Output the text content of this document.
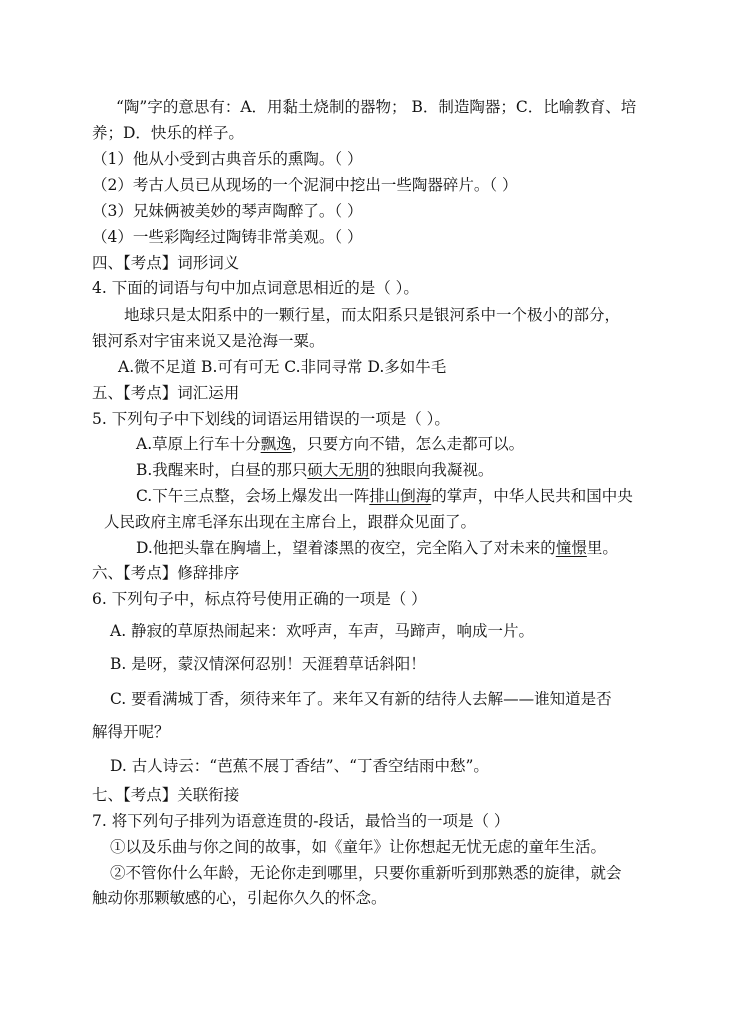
“陶”字的意思有：A．用黏土烧制的器物； B．制造陶器；C．比喻教育、培
养；D．快乐的样子。
（1）他从小受到古典音乐的熏陶。（ ）
（2）考古人员已从现场的一个泥洞中挖出一些陶器碎片。（ ）
（3）兄妹俩被美妙的琴声陶醉了。（ ）
（4）一些彩陶经过陶铸非常美观。（ ）
四、【考点】词形词义
4. 下面的词语与句中加点词意思相近的是（ ）。
地球只是太阳系中的一颗行星，而太阳系只是银河系中一个极小的部分，
银河系对宇宙来说又是沧海一粟。
A.微不足道 B.可有可无 C.非同寻常 D.多如牛毛
五、【考点】词汇运用
5. 下列句子中下划线的词语运用错误的一项是（ ）。
A.草原上行车十分飘逸，只要方向不错，怎么走都可以。
B.我醒来时，白昼的那只硕大无朋的独眼向我凝视。
C.下午三点整，会场上爆发出一阵排山倒海的掌声，中华人民共和国中央
人民政府主席毛泽东出现在主席台上，跟群众见面了。
D.他把头靠在胸墙上，望着漆黑的夜空，完全陷入了对未来的憧憬里。
六、【考点】修辞排序
6. 下列句子中，标点符号使用正确的一项是（ ）
A. 静寂的草原热闹起来：欢呼声，车声，马蹄声，响成一片。
B. 是呀，蒙汉情深何忍别！天涯碧草话斜阳！
C. 要看满城丁香，须待来年了。来年又有新的结待人去解——谁知道是否
解得开呢？
D. 古人诗云：“芭蕉不展丁香结”、“丁香空结雨中愁”。
七、【考点】关联衔接
7. 将下列句子排列为语意连贯的-段话，最恰当的一项是（ ）
①以及乐曲与你之间的故事，如《童年》让你想起无忧无虑的童年生活。
②不管你什么年龄，无论你走到哪里，只要你重新听到那熟悉的旋律，就会
触动你那颗敏感的心，引起你久久的怀念。
